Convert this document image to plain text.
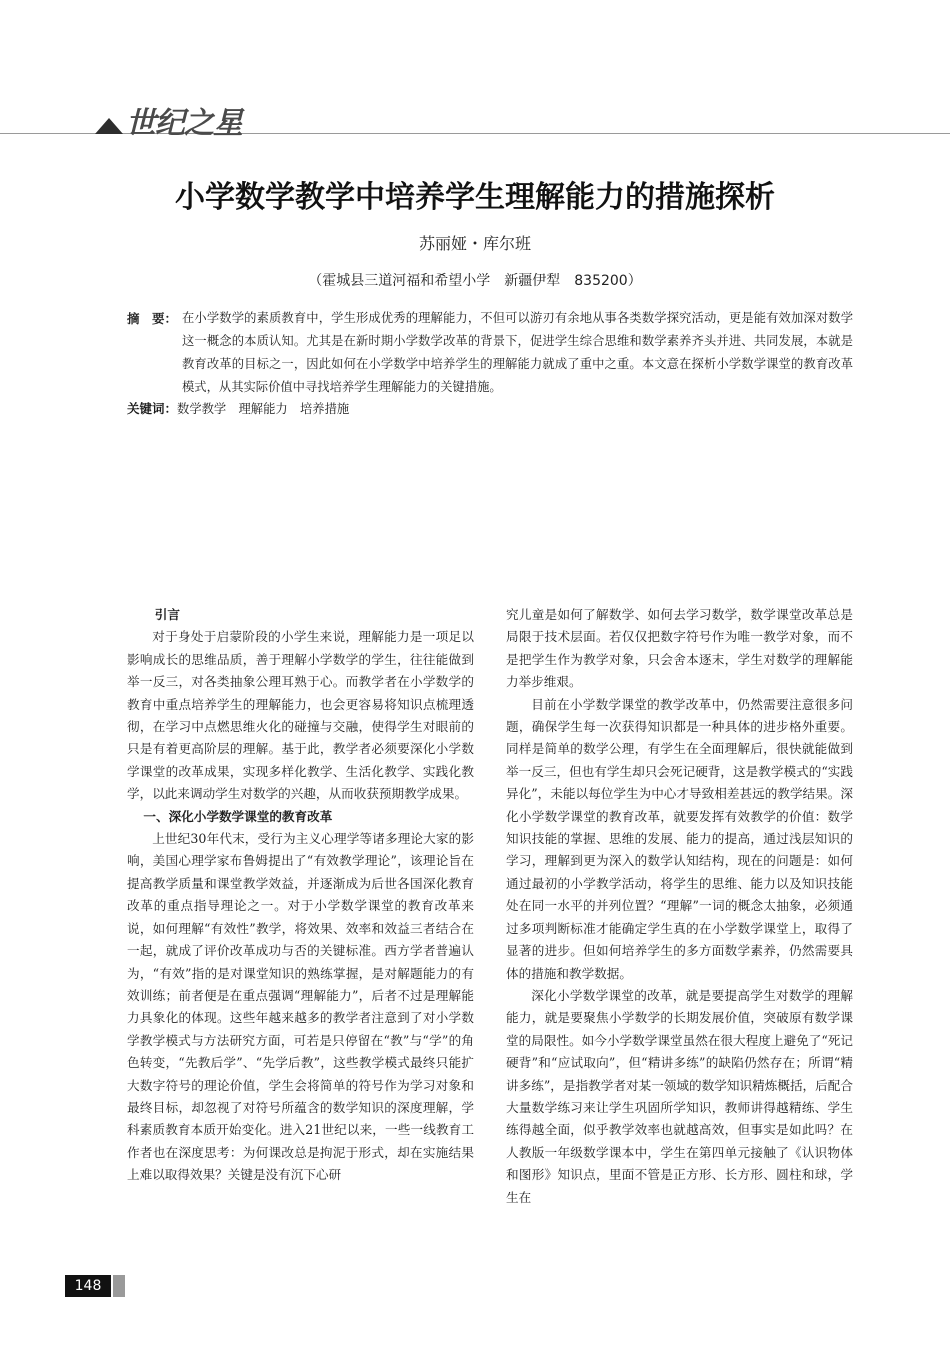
世纪之星
小学数学教学中培养学生理解能力的措施探析
苏丽娅・库尔班
（霍城县三道河福和希望小学　新疆伊犁　835200）
摘　要： 在小学数学的素质教育中，学生形成优秀的理解能力，不但可以游刃有余地从事各类数学探究活动，更是能有效加深对数学这一概念的本质认知。尤其是在新时期小学数学改革的背景下，促进学生综合思维和数学素养齐头并进、共同发展，本就是教育改革的目标之一，因此如何在小学数学中培养学生的理解能力就成了重中之重。本文意在探析小学数学课堂的教育改革模式，从其实际价值中寻找培养学生理解能力的关键措施。
关键词：数学教学　理解能力　培养措施
引言

对于身处于启蒙阶段的小学生来说，理解能力是一项足以影响成长的思维品质，善于理解小学数学的学生，往往能做到举一反三，对各类抽象公理耳熟于心。而教学者在小学数学的教育中重点培养学生的理解能力，也会更容易将知识点梳理透彻，在学习中点燃思维火化的碰撞与交融，使得学生对眼前的只是有着更高阶层的理解。基于此，教学者必须要深化小学数学课堂的改革成果，实现多样化教学、生活化教学、实践化教学，以此来调动学生对数学的兴趣，从而收获预期教学成果。

一、深化小学数学课堂的教育改革

上世纪30年代末，受行为主义心理学等诸多理论大家的影响，美国心理学家布鲁姆提出了“有效教学理论”，该理论旨在提高教学质量和课堂教学效益，并逐渐成为后世各国深化教育改革的重点指导理论之一。对于小学数学课堂的教育改革来说，如何理解“有效性”教学，将效果、效率和效益三者结合在一起，就成了评价改革成功与否的关键标准。西方学者普遍认为，“有效”指的是对课堂知识的熟练掌握，是对解题能力的有效训练；前者便是在重点强调“理解能力”，后者不过是理解能力具象化的体现。这些年越来越多的教学者注意到了对小学数学教学模式与方法研究方面，可若是只停留在“教”与“学”的角色转变，“先教后学”、“先学后教”，这些教学模式最终只能扩大数字符号的理论价值，学生会将简单的符号作为学习对象和最终目标，却忽视了对符号所蕴含的数学知识的深度理解，学科素质教育本质开始变化。进入21世纪以来，一些一线教育工作者也在深度思考：为何课改总是拘泥于形式，却在实施结果上难以取得效果？关键是没有沉下心研

究儿童是如何了解数学、如何去学习数学，数学课堂改革总是局限于技术层面。若仅仅把数字符号作为唯一教学对象，而不是把学生作为教学对象，只会舍本逐末，学生对数学的理解能力举步维艰。

目前在小学数学课堂的教学改革中，仍然需要注意很多问题，确保学生每一次获得知识都是一种具体的进步格外重要。同样是简单的数学公理，有学生在全面理解后，很快就能做到举一反三，但也有学生却只会死记硬背，这是教学模式的“实践异化”，未能以每位学生为中心才导致相差甚远的教学结果。深化小学数学课堂的教育改革，就要发挥有效教学的价值：数学知识技能的掌握、思维的发展、能力的提高，通过浅层知识的学习，理解到更为深入的数学认知结构，现在的问题是：如何通过最初的小学教学活动，将学生的思维、能力以及知识技能处在同一水平的并列位置？“理解”一词的概念太抽象，必须通过多项判断标准才能确定学生真的在小学数学课堂上，取得了显著的进步。但如何培养学生的多方面数学素养，仍然需要具体的措施和教学数据。

深化小学数学课堂的改革，就是要提高学生对数学的理解能力，就是要聚焦小学数学的长期发展价值，突破原有数学课堂的局限性。如今小学数学课堂虽然在很大程度上避免了“死记硬背”和“应试取向”，但“精讲多练”的缺陷仍然存在；所谓“精讲多练”，是指教学者对某一领域的数学知识精炼概括，后配合大量数学练习来让学生巩固所学知识，教师讲得越精练、学生练得越全面，似乎教学效率也就越高效，但事实是如此吗？在人教版一年级数学课本中，学生在第四单元接触了《认识物体和图形》知识点，里面不管是正方形、长方形、圆柱和球，学生在

148
